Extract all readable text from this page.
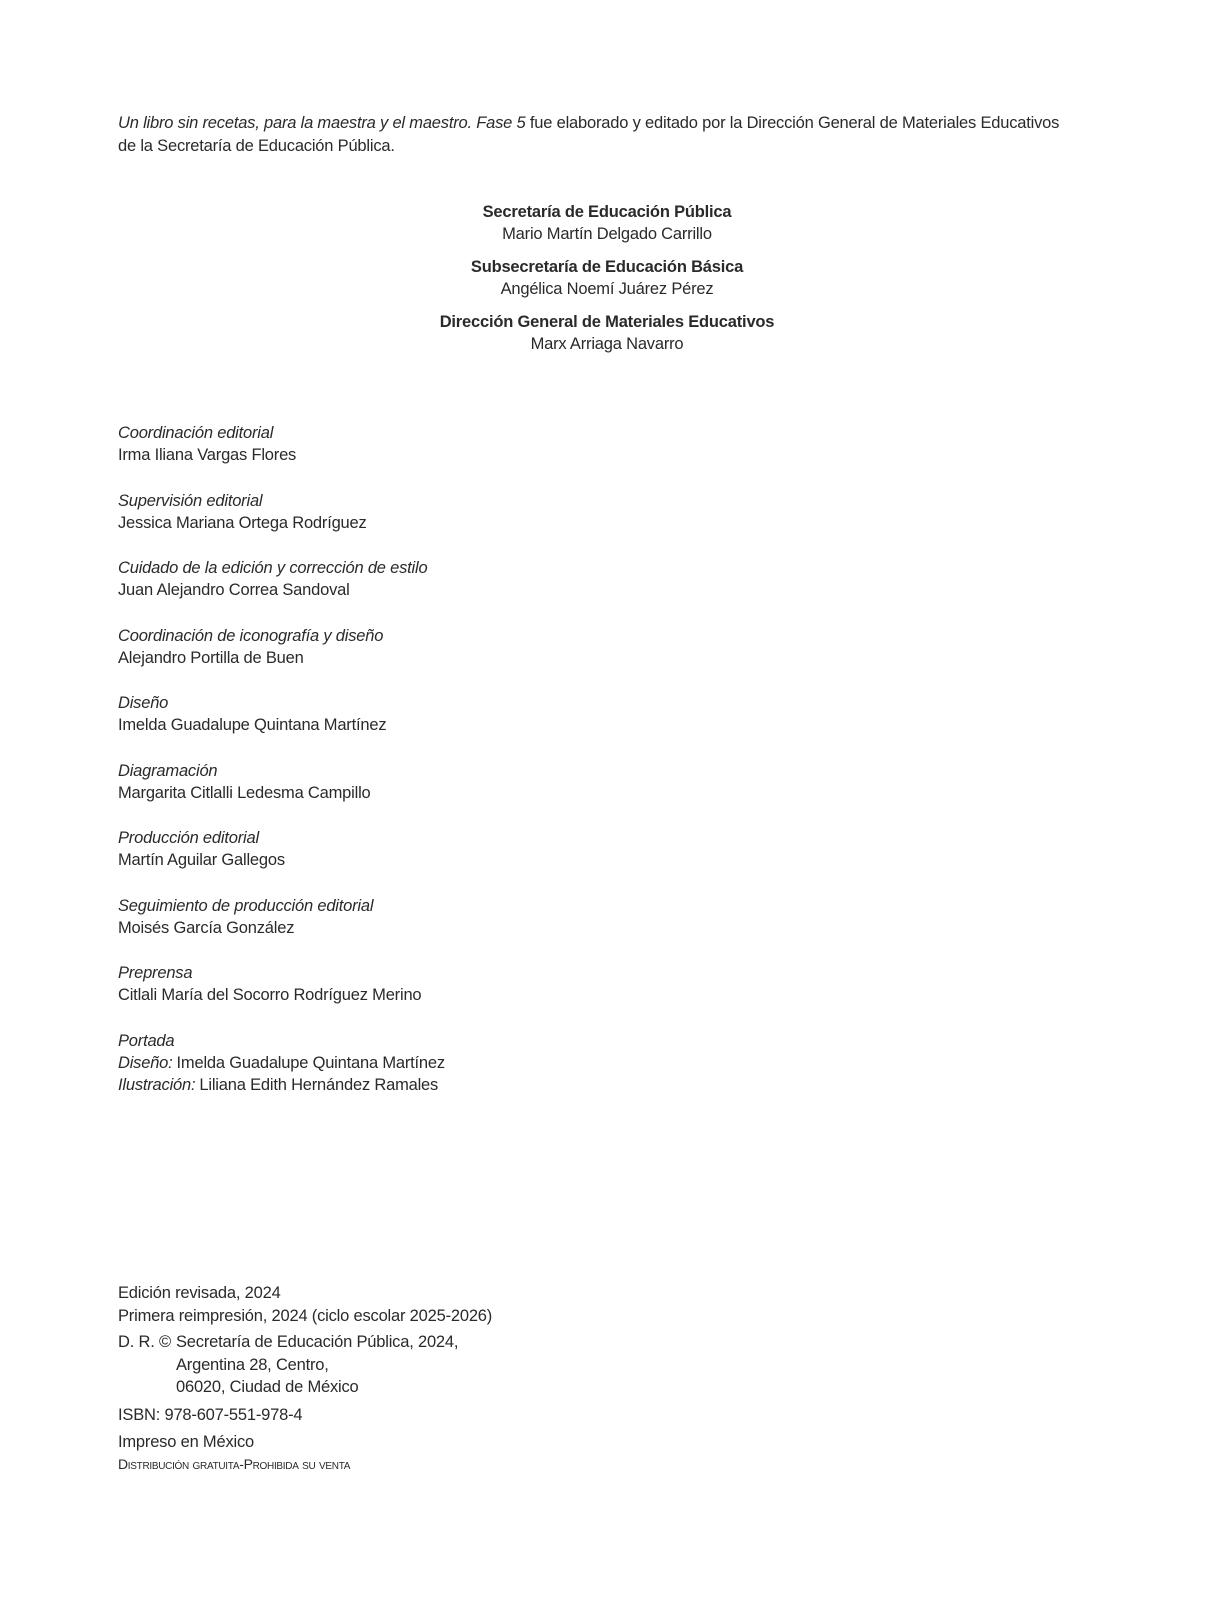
Un libro sin recetas, para la maestra y el maestro. Fase 5 fue elaborado y editado por la Dirección General de Materiales Educativos
de la Secretaría de Educación Pública.
Secretaría de Educación Pública
Mario Martín Delgado Carrillo
Subsecretaría de Educación Básica
Angélica Noemí Juárez Pérez
Dirección General de Materiales Educativos
Marx Arriaga Navarro
Coordinación editorial
Irma Iliana Vargas Flores
Supervisión editorial
Jessica Mariana Ortega Rodríguez
Cuidado de la edición y corrección de estilo
Juan Alejandro Correa Sandoval
Coordinación de iconografía y diseño
Alejandro Portilla de Buen
Diseño
Imelda Guadalupe Quintana Martínez
Diagramación
Margarita Citlalli Ledesma Campillo
Producción editorial
Martín Aguilar Gallegos
Seguimiento de producción editorial
Moisés García González
Preprensa
Citlali María del Socorro Rodríguez Merino
Portada
Diseño: Imelda Guadalupe Quintana Martínez
Ilustración: Liliana Edith Hernández Ramales
Edición revisada, 2024
Primera reimpresión, 2024 (ciclo escolar 2025-2026)
D. R. © Secretaría de Educación Pública, 2024,
Argentina 28, Centro,
06020, Ciudad de México
ISBN: 978-607-551-978-4
Impreso en México
Distribución gratuita-Prohibida su venta
